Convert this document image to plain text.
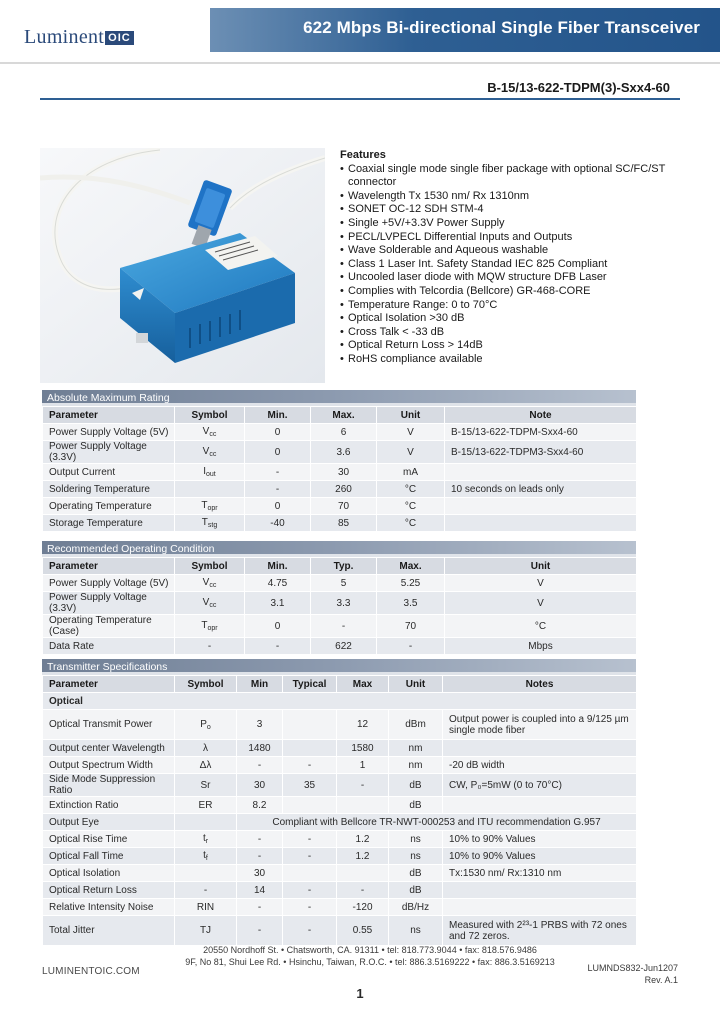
Luminent OIC
622 Mbps Bi-directional Single Fiber Transceiver
B-15/13-622-TDPM(3)-Sxx4-60
Features
• Coaxial single mode single fiber package with optional SC/FC/ST connector
• Wavelength Tx 1530 nm/ Rx 1310nm
• SONET OC-12 SDH STM-4
• Single +5V/+3.3V Power Supply
• PECL/LVPECL Differential Inputs and Outputs
• Wave Solderable and Aqueous washable
• Class 1 Laser Int. Safety Standad IEC 825 Compliant
• Uncooled laser diode with MQW structure DFB Laser
• Complies with Telcordia (Bellcore) GR-468-CORE
• Temperature Range: 0 to 70°C
• Optical Isolation >30 dB
• Cross Talk < -33 dB
• Optical Return Loss > 14dB
• RoHS compliance available
Absolute Maximum Rating
Parameter	Symbol	Min.	Max.	Unit	Note
Power Supply Voltage (5V)	$V_{cc}$	0	6	V	B-15/13-622-TDPM-Sxx4-60
Power Supply Voltage (3.3V)	$V_{cc}$	0	3.6	V	B-15/13-622-TDPM3-Sxx4-60
Output Current	$I_{out}$	-	30	mA	
Soldering Temperature		-	260	°C	10 seconds on leads only
Operating Temperature	$T_{opr}$	0	70	°C	
Storage Temperature	$T_{stg}$	-40	85	°C	
Recommended Operating Condition
Parameter	Symbol	Min.	Typ.	Max.	Unit
Power Supply Voltage (5V)	$V_{cc}$	4.75	5	5.25	V
Power Supply Voltage (3.3V)	$V_{cc}$	3.1	3.3	3.5	V
Operating Temperature (Case)	$T_{opr}$	0	-	70	°C
Data Rate	-	-	622	-	Mbps
Transmitter Specifications
Parameter	Symbol	Min	Typical	Max	Unit	Notes
Optical						
Optical Transmit Power	$P_o$	3		12	dBm	Output power is coupled into a 9/125 µm single mode fiber
Output center Wavelength	λ	1480		1580	nm	
Output Spectrum Width	Δλ	-	-	1	nm	-20 dB width
Side Mode Suppression Ratio	Sr	30	35	-	dB	CW, P₀=5mW (0 to 70°C)
Extinction Ratio	ER	8.2			dB	
Output Eye		Compliant with Bellcore TR-NWT-000253 and ITU recommendation G.957				
Optical Rise Time	$t_r$	-	-	1.2	ns	10% to 90% Values
Optical Fall Time	$t_f$	-	-	1.2	ns	10% to 90% Values
Optical Isolation		30			dB	Tx:1530 nm/ Rx:1310 nm
Optical Return Loss	-	14	-	-	dB	
Relative Intensity Noise	RIN	-	-	-120	dB/Hz	
Total Jitter	TJ	-	-	0.55	ns	Measured with 2²³-1 PRBS with 72 ones and 72 zeros.
LUMINENTOIC.COM
20550 Nordhoff St. • Chatsworth, CA. 91311 • tel: 818.773.9044 • fax: 818.576.9486
9F, No 81, Shui Lee Rd. • Hsinchu, Taiwan, R.O.C. • tel: 886.3.5169222 • fax: 886.3.5169213
LUMNDS832-Jun1207
Rev. A.1
1
